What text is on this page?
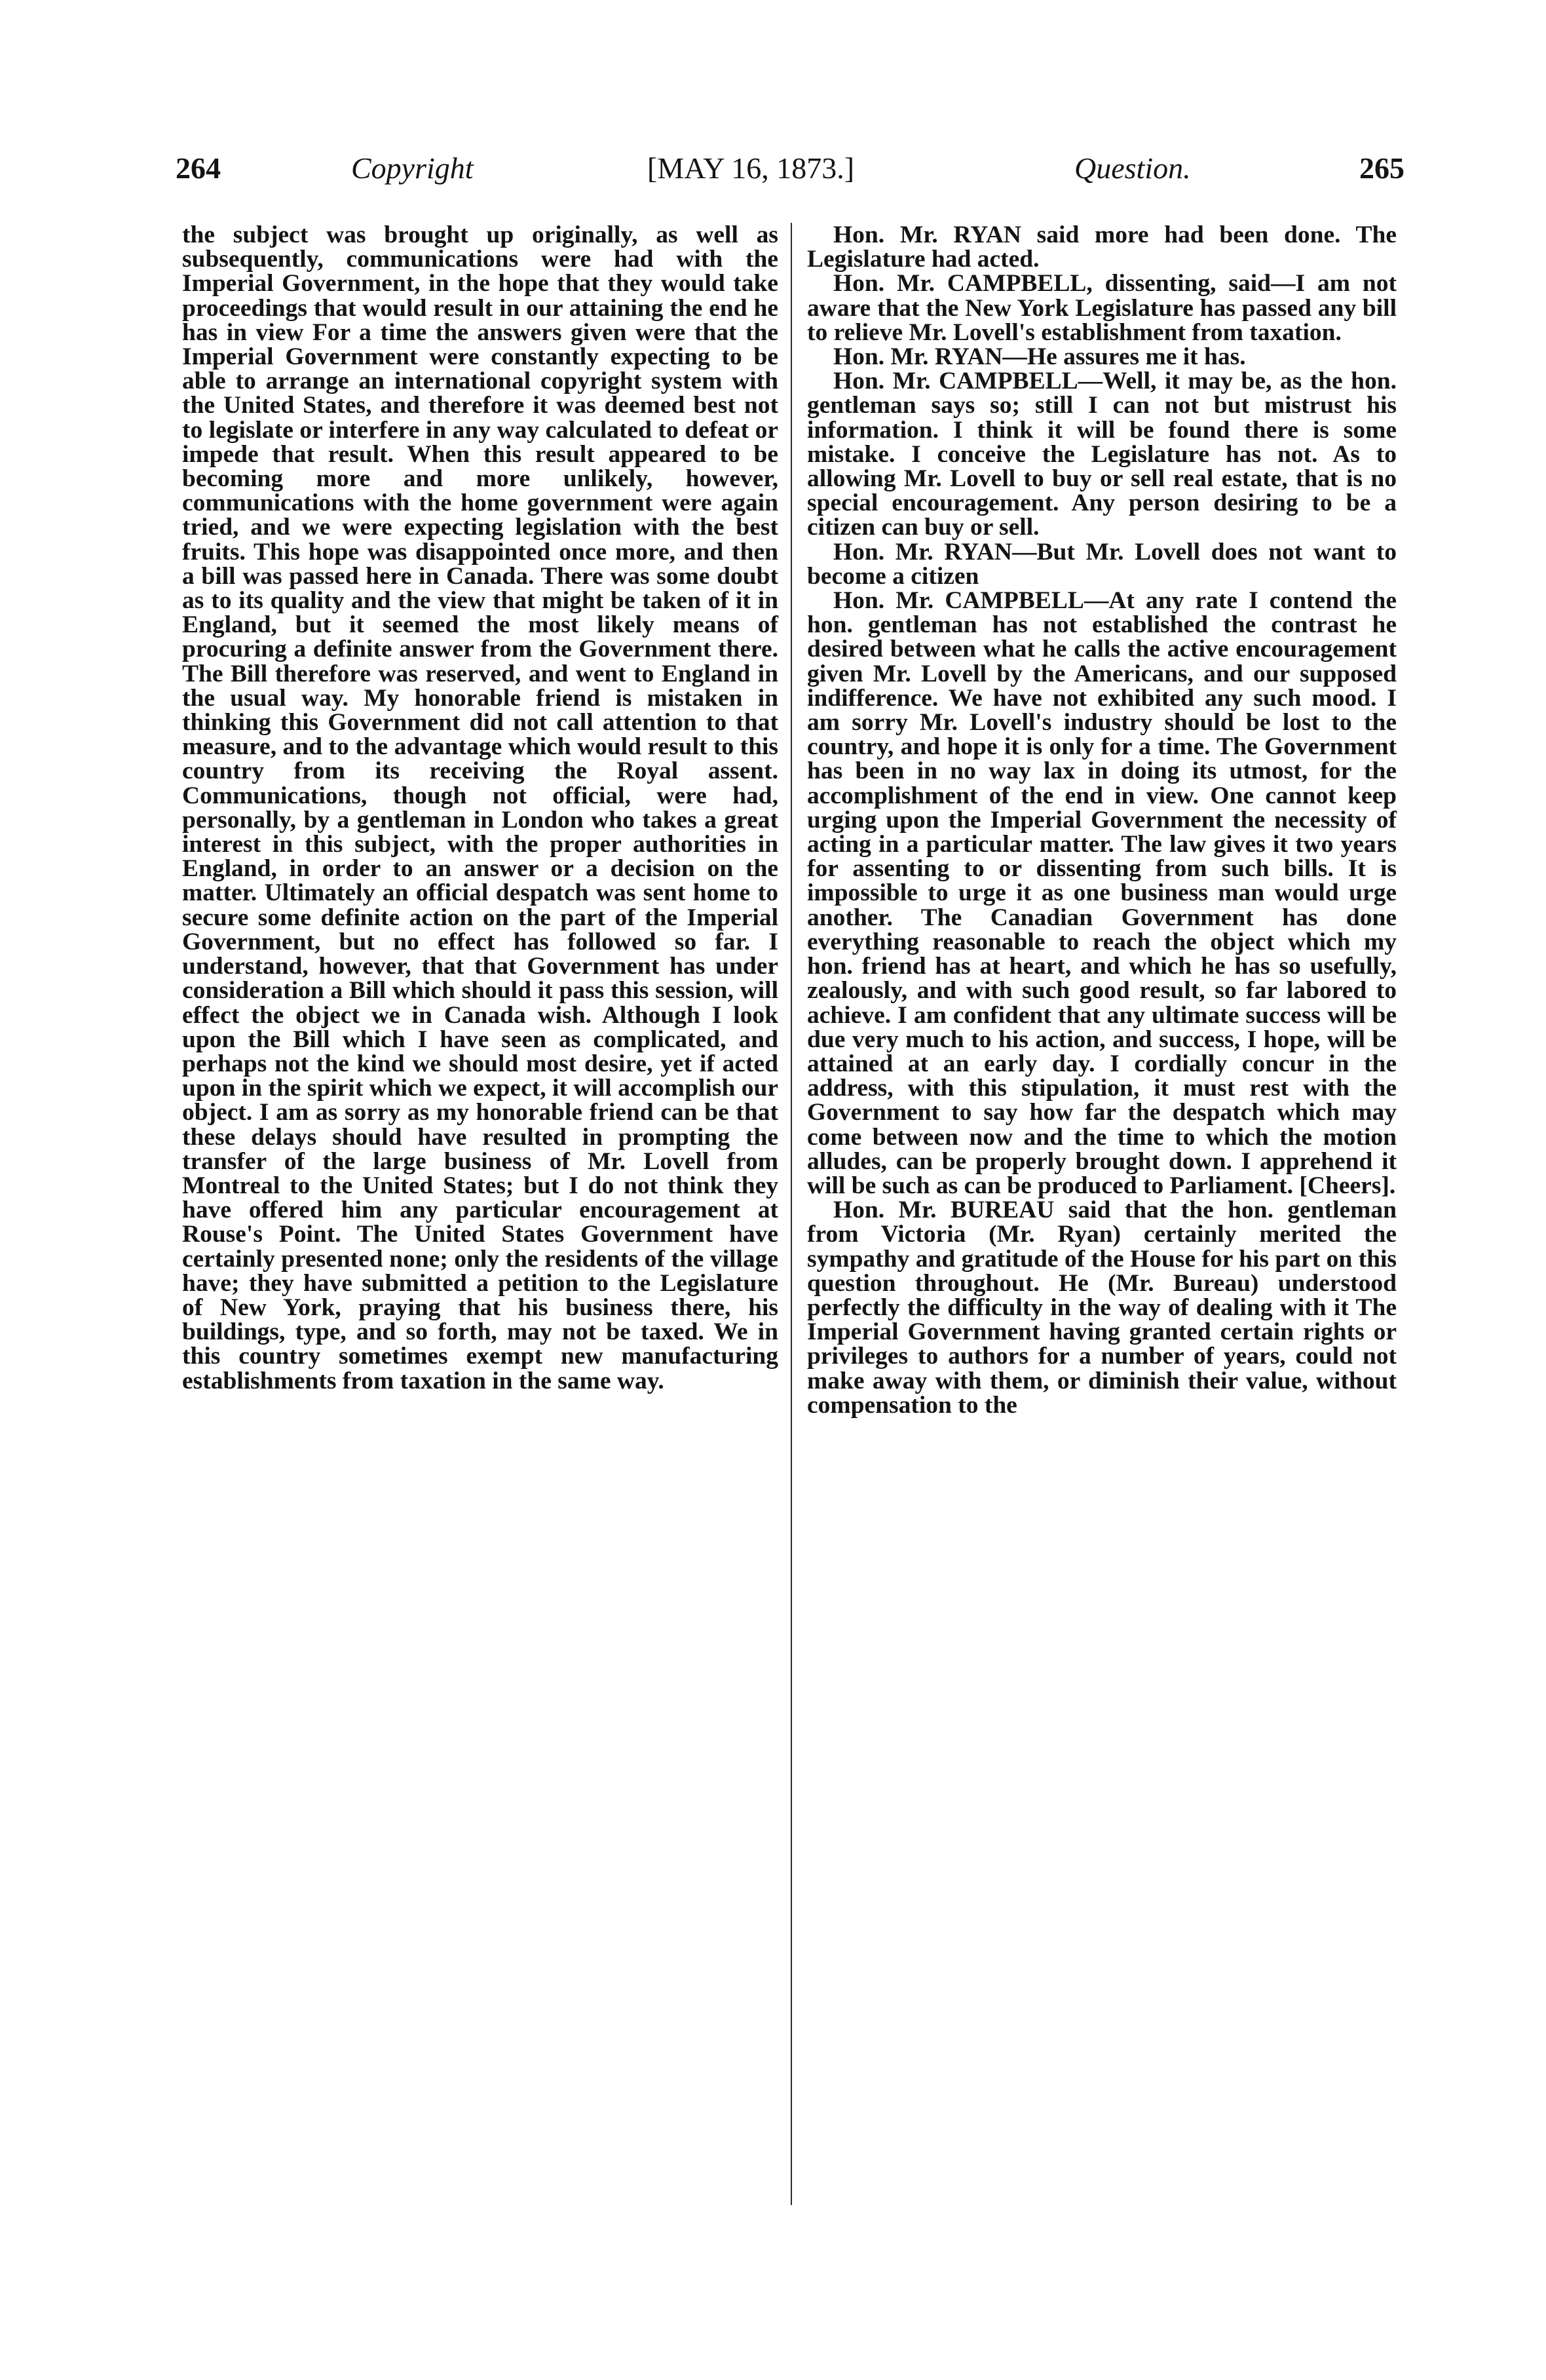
264	Copyright	[MAY 16, 1873.]	Question.	265

the subject was brought up originally, as well as subsequently, communications were had with the Imperial Government, in the hope that they would take proceedings that would result in our attaining the end he has in view For a time the answers given were that the Imperial Government were constantly expecting to be able to arrange an international copyright system with the United States, and therefore it was deemed best not to legislate or interfere in any way calculated to defeat or impede that result. When this result appeared to be becoming more and more unlikely, however, communications with the home government were again tried, and we were expecting legislation with the best fruits. This hope was disappointed once more, and then a bill was passed here in Canada. There was some doubt as to its quality and the view that might be taken of it in England, but it seemed the most likely means of procuring a definite answer from the Government there. The Bill therefore was reserved, and went to England in the usual way. My honorable friend is mistaken in thinking this Government did not call attention to that measure, and to the advantage which would result to this country from its receiving the Royal assent. Communications, though not official, were had, personally, by a gentleman in London who takes a great interest in this subject, with the proper authorities in England, in order to an answer or a decision on the matter. Ultimately an official despatch was sent home to secure some definite action on the part of the Imperial Government, but no effect has followed so far. I understand, however, that that Government has under consideration a Bill which should it pass this session, will effect the object we in Canada wish. Although I look upon the Bill which I have seen as complicated, and perhaps not the kind we should most desire, yet if acted upon in the spirit which we expect, it will accomplish our object. I am as sorry as my honorable friend can be that these delays should have resulted in prompting the transfer of the large business of Mr. Lovell from Montreal to the United States; but I do not think they have offered him any particular encouragement at Rouse's Point. The United States Government have certainly presented none; only the residents of the village have; they have submitted a petition to the Legislature of New York, praying that his business there, his buildings, type, and so forth, may not be taxed. We in this country sometimes exempt new manufacturing establishments from taxation in the same way.

Hon. Mr. RYAN said more had been done. The Legislature had acted.

Hon. Mr. CAMPBELL, dissenting, said—I am not aware that the New York Legislature has passed any bill to relieve Mr. Lovell's establishment from taxation.

Hon. Mr. RYAN—He assures me it has.

Hon. Mr. CAMPBELL—Well, it may be, as the hon. gentleman says so; still I can not but mistrust his information. I think it will be found there is some mistake. I conceive the Legislature has not. As to allowing Mr. Lovell to buy or sell real estate, that is no special encouragement. Any person desiring to be a citizen can buy or sell.

Hon. Mr. RYAN—But Mr. Lovell does not want to become a citizen

Hon. Mr. CAMPBELL—At any rate I contend the hon. gentleman has not established the contrast he desired between what he calls the active encouragement given Mr. Lovell by the Americans, and our supposed indifference. We have not exhibited any such mood. I am sorry Mr. Lovell's industry should be lost to the country, and hope it is only for a time. The Government has been in no way lax in doing its utmost, for the accomplishment of the end in view. One cannot keep urging upon the Imperial Government the necessity of acting in a particular matter. The law gives it two years for assenting to or dissenting from such bills. It is impossible to urge it as one business man would urge another. The Canadian Government has done everything reasonable to reach the object which my hon. friend has at heart, and which he has so usefully, zealously, and with such good result, so far labored to achieve. I am confident that any ultimate success will be due very much to his action, and success, I hope, will be attained at an early day. I cordially concur in the address, with this stipulation, it must rest with the Government to say how far the despatch which may come between now and the time to which the motion alludes, can be properly brought down. I apprehend it will be such as can be produced to Parliament. [Cheers].

Hon. Mr. BUREAU said that the hon. gentleman from Victoria (Mr. Ryan) certainly merited the sympathy and gratitude of the House for his part on this question throughout. He (Mr. Bureau) understood perfectly the difficulty in the way of dealing with it The Imperial Government having granted certain rights or privileges to authors for a number of years, could not make away with them, or diminish their value, without compensation to the
